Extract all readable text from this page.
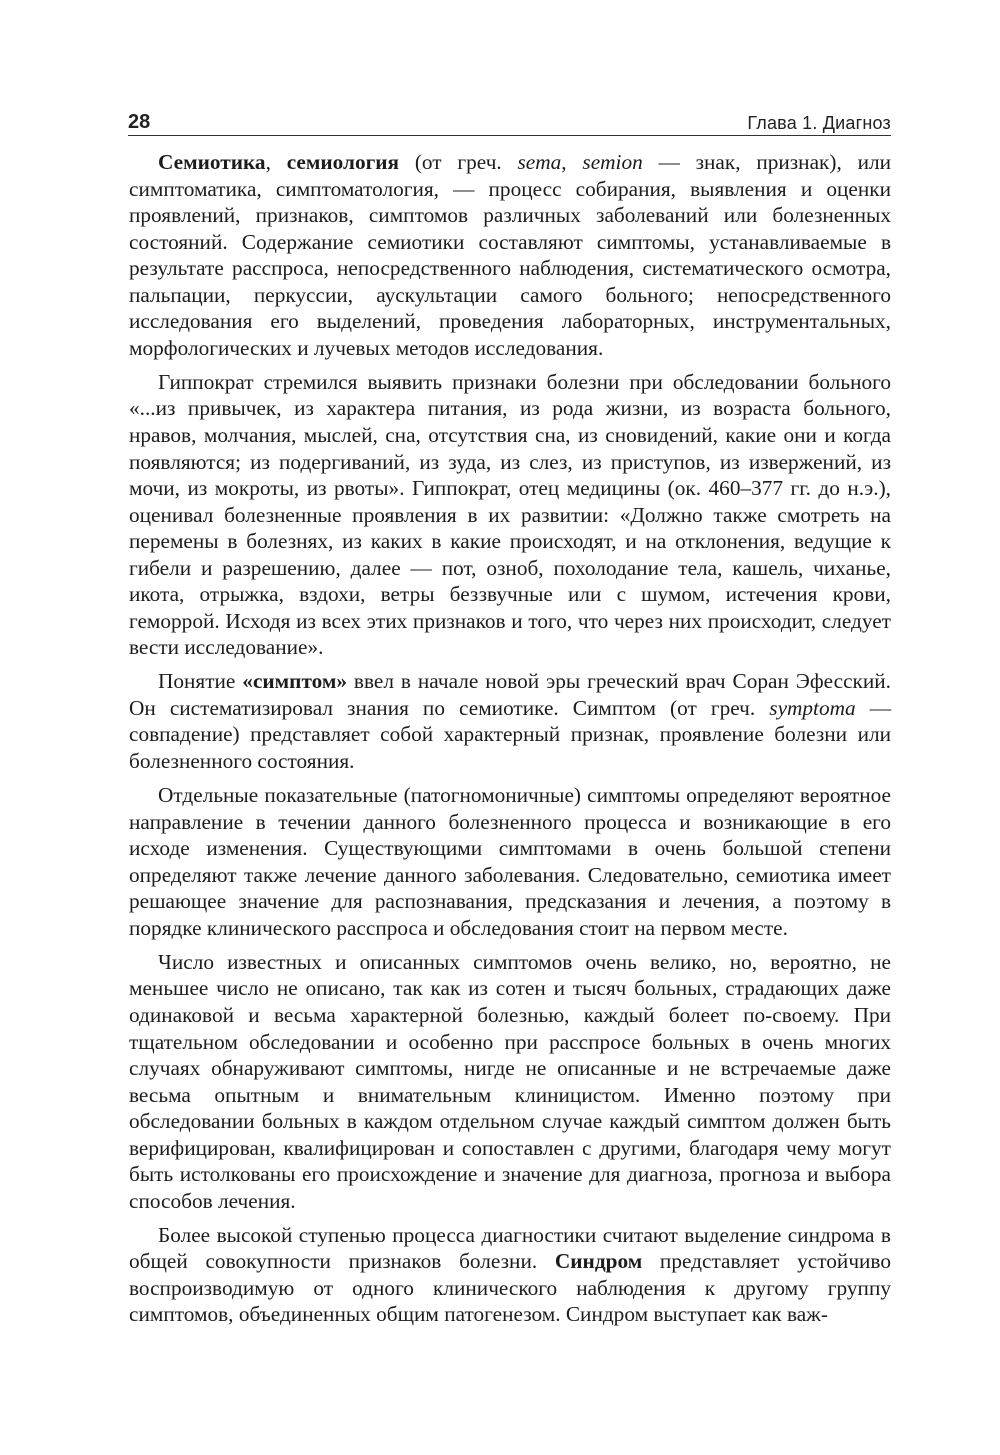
28	Глава 1. Диагноз

Семиотика, семиология (от греч. sema, semion — знак, признак), или симптоматика, симптоматология, — процесс собирания, выявления и оценки проявлений, признаков, симптомов различных заболеваний или болезненных состояний. Содержание семиотики составляют симптомы, устанавливаемые в результате расспроса, непосредственного наблюдения, систематического осмотра, пальпации, перкуссии, аускультации самого больного; непосредственного исследования его выделений, проведения лабораторных, инструментальных, морфологических и лучевых методов исследования.

Гиппократ стремился выявить признаки болезни при обследовании больного «...из привычек, из характера питания, из рода жизни, из возраста больного, нравов, молчания, мыслей, сна, отсутствия сна, из сновидений, какие они и когда появляются; из подергиваний, из зуда, из слез, из приступов, из извержений, из мочи, из мокроты, из рвоты». Гиппократ, отец медицины (ок. 460–377 гг. до н.э.), оценивал болезненные проявления в их развитии: «Должно также смотреть на перемены в болезнях, из каких в какие происходят, и на отклонения, ведущие к гибели и разрешению, далее — пот, озноб, похолодание тела, кашель, чиханье, икота, отрыжка, вздохи, ветры беззвучные или с шумом, истечения крови, геморрой. Исходя из всех этих признаков и того, что через них происходит, следует вести исследование».

Понятие «симптом» ввел в начале новой эры греческий врач Соран Эфесский. Он систематизировал знания по семиотике. Симптом (от греч. symptoma — совпадение) представляет собой характерный признак, проявление болезни или болезненного состояния.

Отдельные показательные (патогномоничные) симптомы определяют вероятное направление в течении данного болезненного процесса и возникающие в его исходе изменения. Существующими симптомами в очень большой степени определяют также лечение данного заболевания. Следовательно, семиотика имеет решающее значение для распознавания, предсказания и лечения, а поэтому в порядке клинического расспроса и обследования стоит на первом месте.

Число известных и описанных симптомов очень велико, но, вероятно, не меньшее число не описано, так как из сотен и тысяч больных, страдающих даже одинаковой и весьма характерной болезнью, каждый болеет по-своему. При тщательном обследовании и особенно при расспросе больных в очень многих случаях обнаруживают симптомы, нигде не описанные и не встречаемые даже весьма опытным и внимательным клиницистом. Именно поэтому при обследовании больных в каждом отдельном случае каждый симптом должен быть верифицирован, квалифицирован и сопоставлен с другими, благодаря чему могут быть истолкованы его происхождение и значение для диагноза, прогноза и выбора способов лечения.

Более высокой ступенью процесса диагностики считают выделение синдрома в общей совокупности признаков болезни. Синдром представляет устойчиво воспроизводимую от одного клинического наблюдения к другому группу симптомов, объединенных общим патогенезом. Синдром выступает как важ-
